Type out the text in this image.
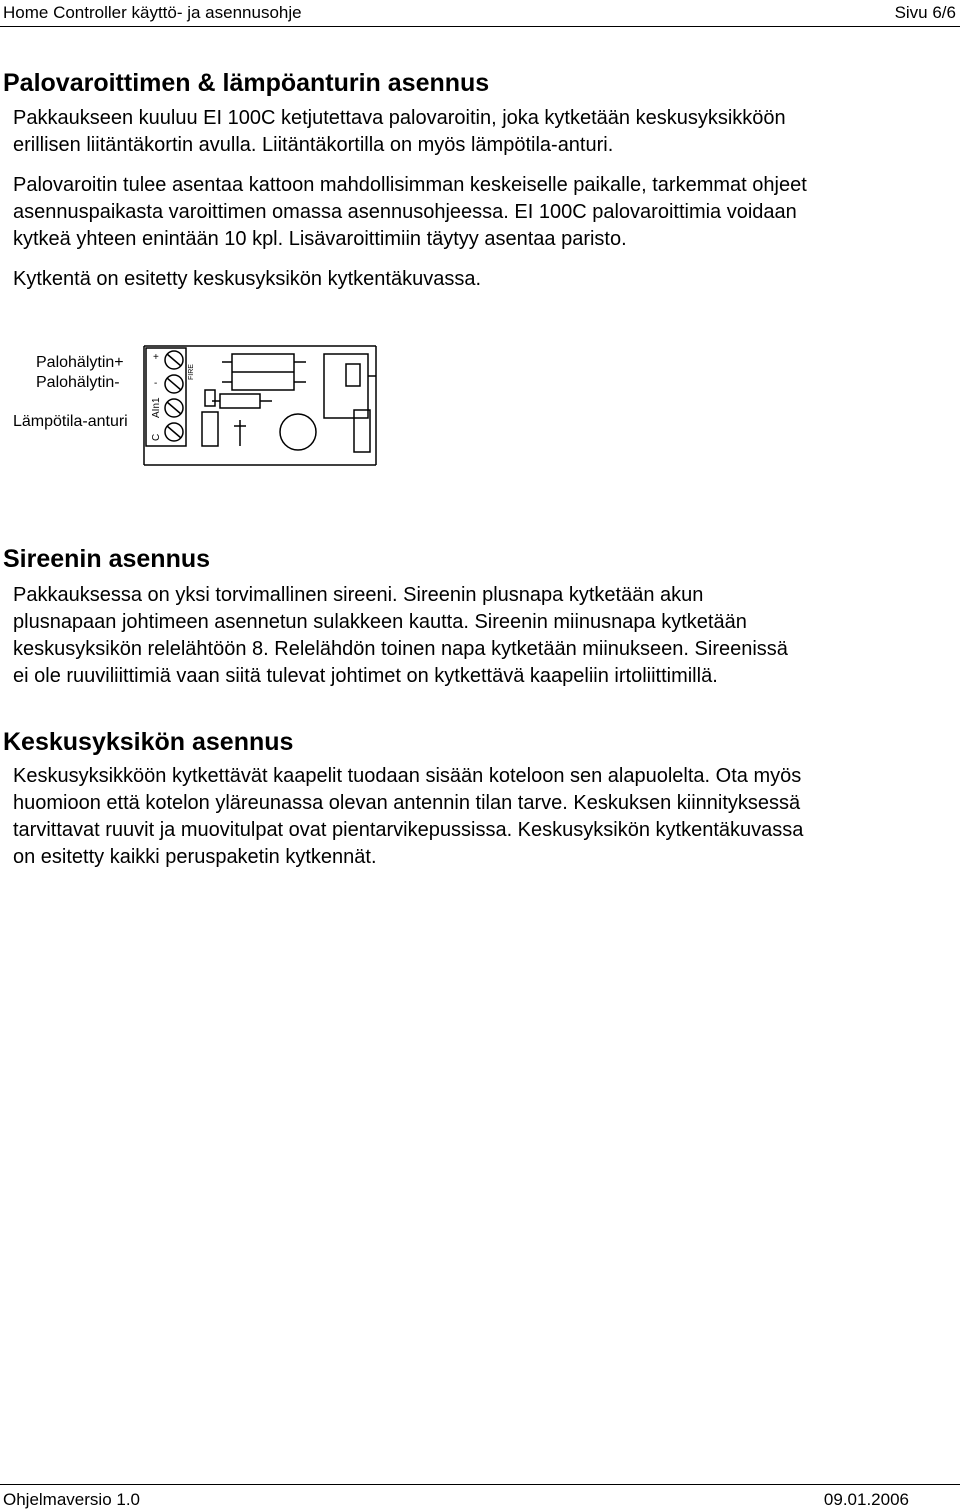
Home Controller käyttö- ja asennusohje	Sivu 6/6
Palovaroittimen & lämpöanturin asennus

Pakkaukseen kuuluu EI 100C ketjutettava palovaroitin, joka kytketään keskusyksikköön
erillisen liitäntäkortin avulla. Liitäntäkortilla on myös lämpötila-anturi.

Palovaroitin tulee asentaa kattoon mahdollisimman keskeiselle paikalle, tarkemmat ohjeet
asennuspaikasta varoittimen omassa asennusohjeessa. EI 100C palovaroittimia voidaan
kytkeä yhteen enintään 10 kpl. Lisävaroittimiin täytyy asentaa paristo.

Kytkentä on esitetty keskusyksikön kytkentäkuvassa.

Palohälytin+
Palohälytin-
Lämpötila-anturi
+
-
AIn1
C
FIRE
Sireenin asennus

Pakkauksessa on yksi torvimallinen sireeni. Sireenin plusnapa kytketään akun
plusnapaan johtimeen asennetun sulakkeen kautta. Sireenin miinusnapa kytketään
keskusyksikön relelähtöön 8. Relelähdön toinen napa kytketään miinukseen. Sireenissä
ei ole ruuviliittimiä vaan siitä tulevat johtimet on kytkettävä kaapeliin irtoliittimillä.

Keskusyksikön asennus

Keskusyksikköön kytkettävät kaapelit tuodaan sisään koteloon sen alapuolelta. Ota myös
huomioon että kotelon yläreunassa olevan antennin tilan tarve. Keskuksen kiinnityksessä
tarvittavat ruuvit ja muovitulpat ovat pientarvikepussissa. Keskusyksikön kytkentäkuvassa
on esitetty kaikki peruspaketin kytkennät.

Ohjelmaversio 1.0	09.01.2006
